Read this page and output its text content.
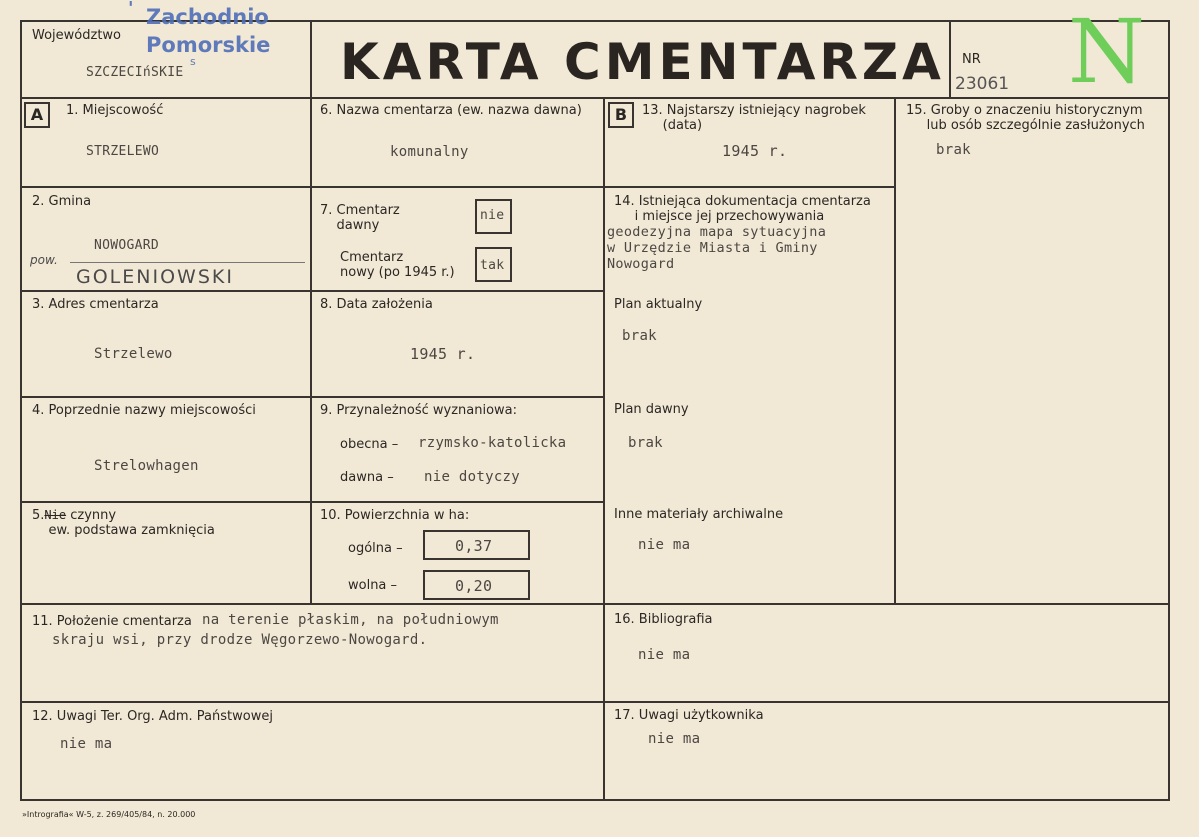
Województwo
SZCZECIńSKIE
' Zachodnio
Pomorskie
s	KARTA CMENTARZA NR
23061 N
A	B
1. Miejscowość
STRZELEWO
6. Nazwa cmentarza (ew. nazwa dawna)
komunalny
13. Najstarszy istniejący nagrobek
(data)
1945 r.
15. Groby o znaczeniu historycznym
lub osób szczególnie zasłużonych
brak
2. Gmina
NOWOGARD
pow.
GOLENIOWSKI
7. Cmentarz
dawny
nie
Cmentarz
nowy (po 1945 r.) tak
14. Istniejąca dokumentacja cmentarza
i miejsce jej przechowywania
geodezyjna mapa sytuacyjna
w Urzędzie Miasta i Gminy
Nowogard
3. Adres cmentarza
Strzelewo
8. Data założenia
1945 r.
Plan aktualny
brak
4. Poprzednie nazwy miejscowości
Strelowhagen
9. Przynależność wyznaniowa:
obecna – rzymsko-katolicka
dawna – nie dotyczy
Plan dawny
brak
5.Nie czynny
ew. podstawa zamknięcia
10. Powierzchnia w ha:
ogólna –	0,37
wolna –	0,20
Inne materiały archiwalne
nie ma
11. Położenie cmentarza na terenie płaskim, na południowym
skraju wsi, przy drodze Węgorzewo-Nowogard.
16. Bibliografia
nie ma
12. Uwagi Ter. Org. Adm. Państwowej
nie ma
17. Uwagi użytkownika
nie ma
»Intrografia« W-5, z. 269/405/84, n. 20.000
